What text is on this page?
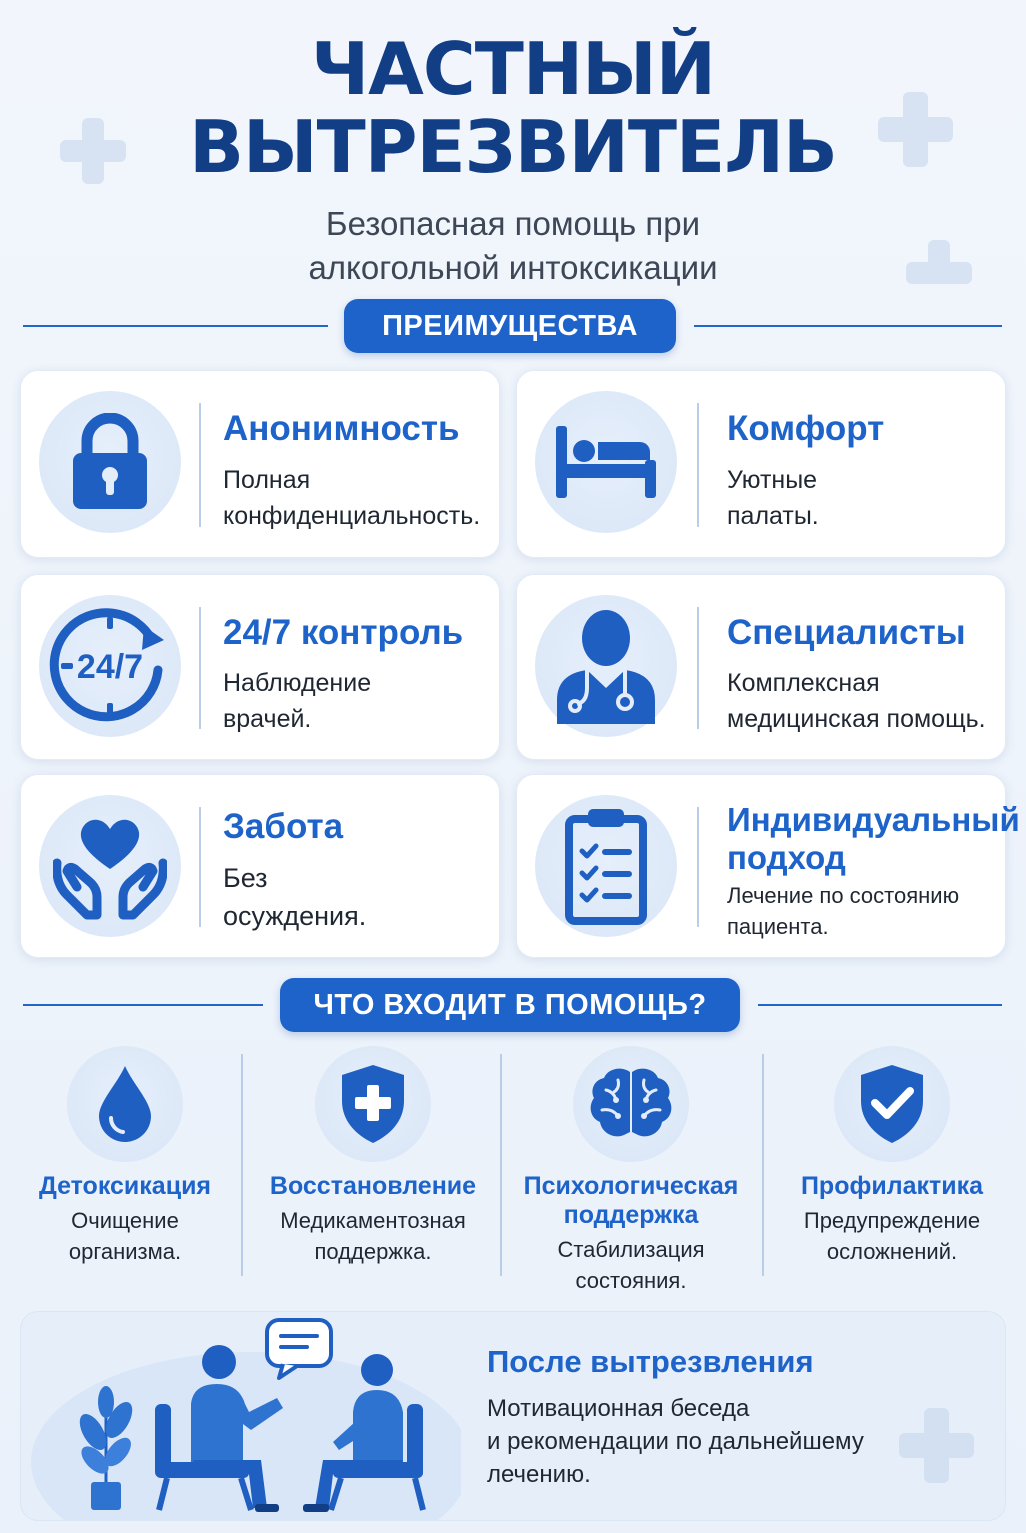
ЧАСТНЫЙ
ВЫТРЕЗВИТЕЛЬ
Безопасная помощь при
алкогольной интоксикации
ПРЕИМУЩЕСТВА
Анонимность
Полная
конфиденциальность.
Комфорт
Уютные
палаты.
24/7
24/7 контроль
Наблюдение
врачей.
Специалисты
Комплексная
медицинская помощь.
Забота
Без
осуждения.
Индивидуальный
подход
Лечение по состоянию
пациента.
ЧТО ВХОДИТ В ПОМОЩЬ?
Детоксикация
Очищение
организма.
Восстановление
Медикаментозная
поддержка.
Психологическая
поддержка
Стабилизация
состояния.
Профилактика
Предупреждение
осложнений.
После вытрезвления
Мотивационная беседа
и рекомендации по дальнейшему
лечению.
